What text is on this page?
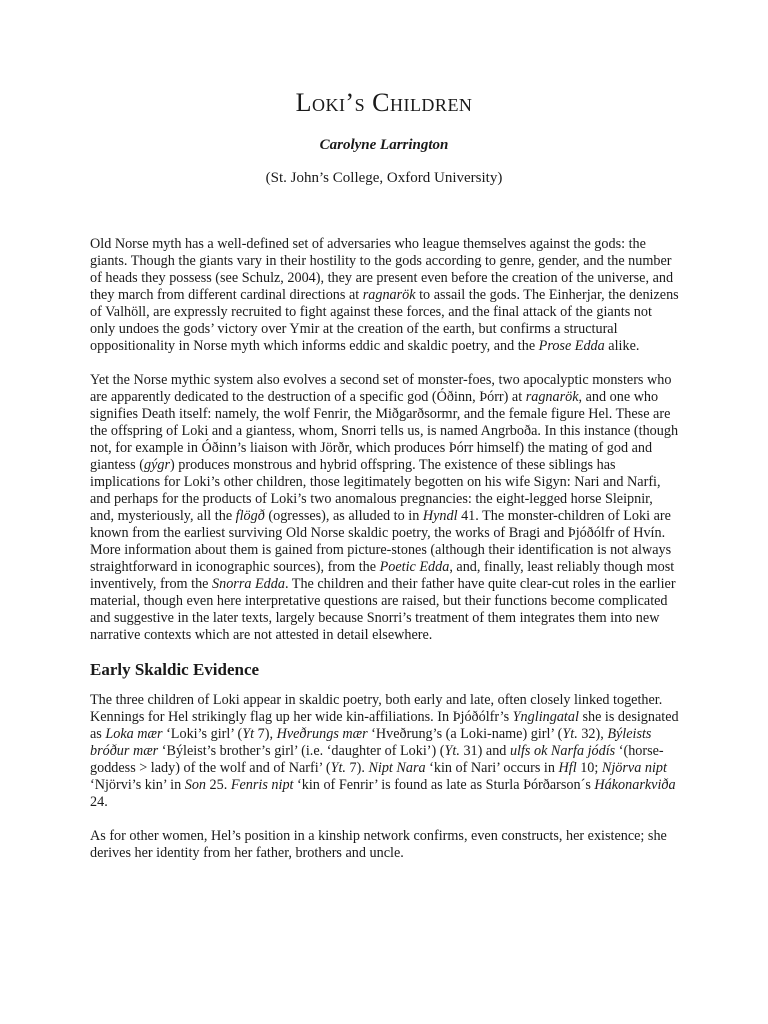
Loki’s Children
Carolyne Larrington
(St. John’s College, Oxford University)

Old Norse myth has a well-defined set of adversaries who league themselves against the gods: the giants. Though the giants vary in their hostility to the gods according to genre, gender, and the number of heads they possess (see Schulz, 2004), they are present even before the creation of the universe, and they march from different cardinal directions at ragnarök to assail the gods. The Einherjar, the denizens of Valhöll, are expressly recruited to fight against these forces, and the final attack of the giants not only undoes the gods’ victory over Ymir at the creation of the earth, but confirms a structural oppositionality in Norse myth which informs eddic and skaldic poetry, and the Prose Edda alike.

Yet the Norse mythic system also evolves a second set of monster-foes, two apocalyptic monsters who are apparently dedicated to the destruction of a specific god (Óðinn, Þórr) at ragnarök, and one who signifies Death itself: namely, the wolf Fenrir, the Miðgarðsormr, and the female figure Hel. These are the offspring of Loki and a giantess, whom, Snorri tells us, is named Angrboða. In this instance (though not, for example in Óðinn’s liaison with Jörðr, which produces Þórr himself) the mating of god and giantess (gýgr) produces monstrous and hybrid offspring. The existence of these siblings has implications for Loki’s other children, those legitimately begotten on his wife Sigyn: Nari and Narfi, and perhaps for the products of Loki’s two anomalous pregnancies: the eight-legged horse Sleipnir, and, mysteriously, all the flögð (ogresses), as alluded to in Hyndl 41. The monster-children of Loki are known from the earliest surviving Old Norse skaldic poetry, the works of Bragi and Þjóðólfr of Hvín. More information about them is gained from picture-stones (although their identification is not always straightforward in iconographic sources), from the Poetic Edda, and, finally, least reliably though most inventively, from the Snorra Edda. The children and their father have quite clear-cut roles in the earlier material, though even here interpretative questions are raised, but their functions become complicated and suggestive in the later texts, largely because Snorri’s treatment of them integrates them into new narrative contexts which are not attested in detail elsewhere.

Early Skaldic Evidence

The three children of Loki appear in skaldic poetry, both early and late, often closely linked together. Kennings for Hel strikingly flag up her wide kin-affiliations. In Þjóðólfr’s Ynglingatal she is designated as Loka mær ‘Loki’s girl’ (Yt 7), Hveðrungs mær ‘Hveðrung’s (a Loki-name) girl’ (Yt. 32), Býleists bróður mær ‘Býleist’s brother’s girl’ (i.e. ‘daughter of Loki’) (Yt. 31) and ulfs ok Narfa jódís ‘(horse-goddess > lady) of the wolf and of Narfi’ (Yt. 7). Nipt Nara ‘kin of Nari’ occurs in Hfl 10; Njörva nipt ‘Njörvi’s kin’ in Son 25. Fenris nipt ‘kin of Fenrir’ is found as late as Sturla Þórðarson´s Hákonarkviða 24.

As for other women, Hel’s position in a kinship network confirms, even constructs, her existence; she derives her identity from her father, brothers and uncle.
